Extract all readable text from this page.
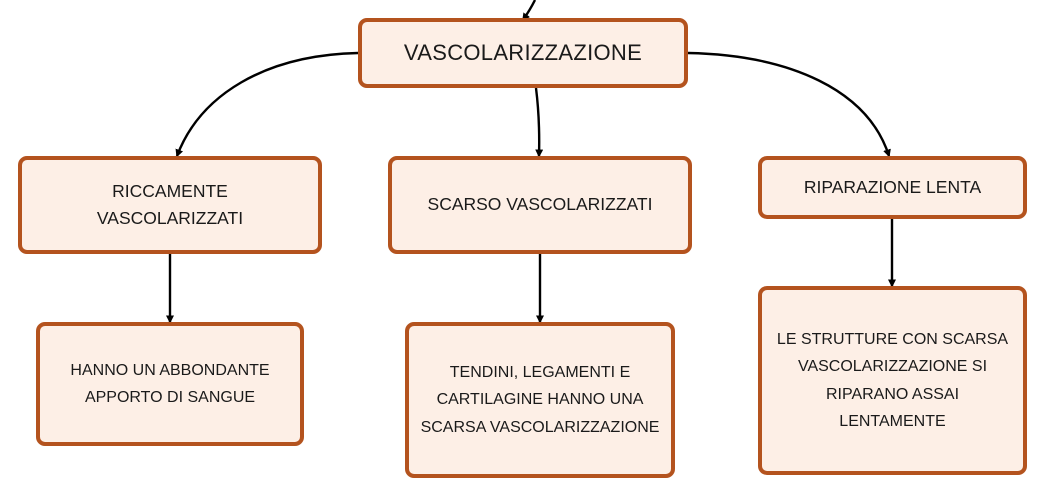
VASCOLARIZZAZIONE
RICCAMENTE VASCOLARIZZATI
SCARSO VASCOLARIZZATI
RIPARAZIONE LENTA
HANNO UN ABBONDANTE APPORTO DI SANGUE
TENDINI, LEGAMENTI E CARTILAGINE HANNO UNA SCARSA VASCOLARIZZAZIONE
LE STRUTTURE CON SCARSA VASCOLARIZZAZIONE SI RIPARANO ASSAI LENTAMENTE
